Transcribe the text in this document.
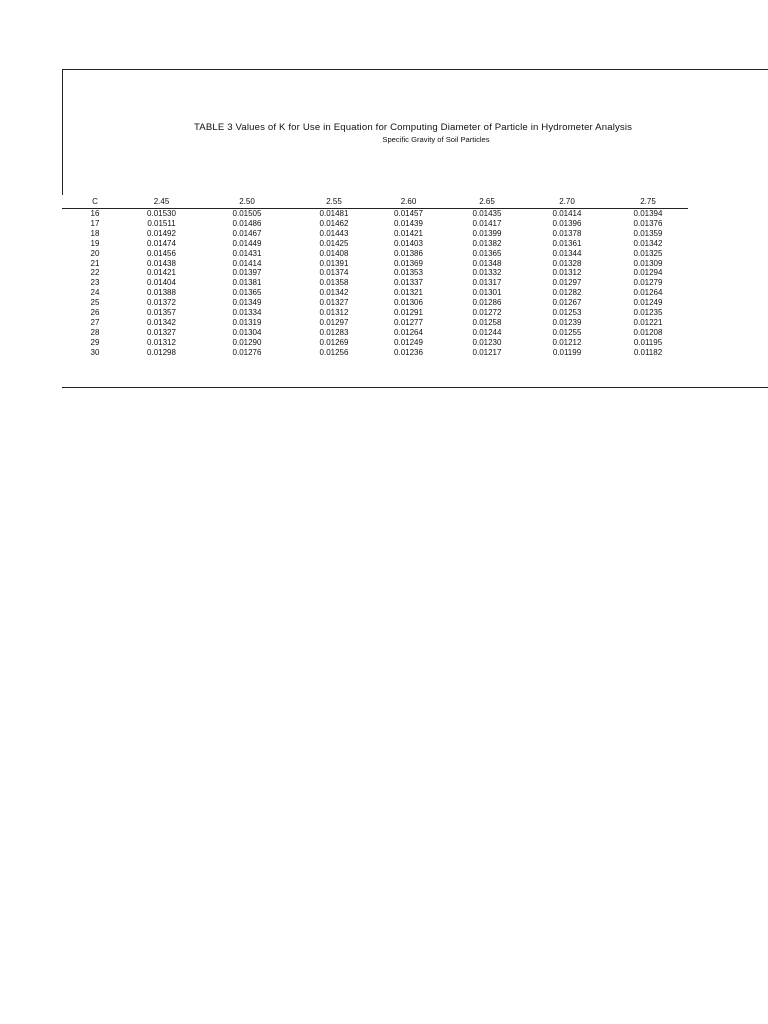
TABLE 3 Values of K for Use in Equation for Computing Diameter of Particle in Hydrometer Analysis
Specific Gravity of Soil Particles
C	2.45	2.50	2.55	2.60	2.65	2.70	2.75
16	0.01530	0.01505	0.01481	0.01457	0.01435	0.01414	0.01394
17	0.01511	0.01486	0.01462	0.01439	0.01417	0.01396	0.01376
18	0.01492	0.01467	0.01443	0.01421	0.01399	0.01378	0.01359
19	0.01474	0.01449	0.01425	0.01403	0.01382	0.01361	0.01342
20	0.01456	0.01431	0.01408	0.01386	0.01365	0.01344	0.01325
21	0.01438	0.01414	0.01391	0.01369	0.01348	0.01328	0.01309
22	0.01421	0.01397	0.01374	0.01353	0.01332	0.01312	0.01294
23	0.01404	0.01381	0.01358	0.01337	0.01317	0.01297	0.01279
24	0.01388	0.01365	0.01342	0.01321	0.01301	0.01282	0.01264
25	0.01372	0.01349	0.01327	0.01306	0.01286	0.01267	0.01249
26	0.01357	0.01334	0.01312	0.01291	0.01272	0.01253	0.01235
27	0.01342	0.01319	0.01297	0.01277	0.01258	0.01239	0.01221
28	0.01327	0.01304	0.01283	0.01264	0.01244	0.01255	0.01208
29	0.01312	0.01290	0.01269	0.01249	0.01230	0.01212	0.01195
30	0.01298	0.01276	0.01256	0.01236	0.01217	0.01199	0.01182
